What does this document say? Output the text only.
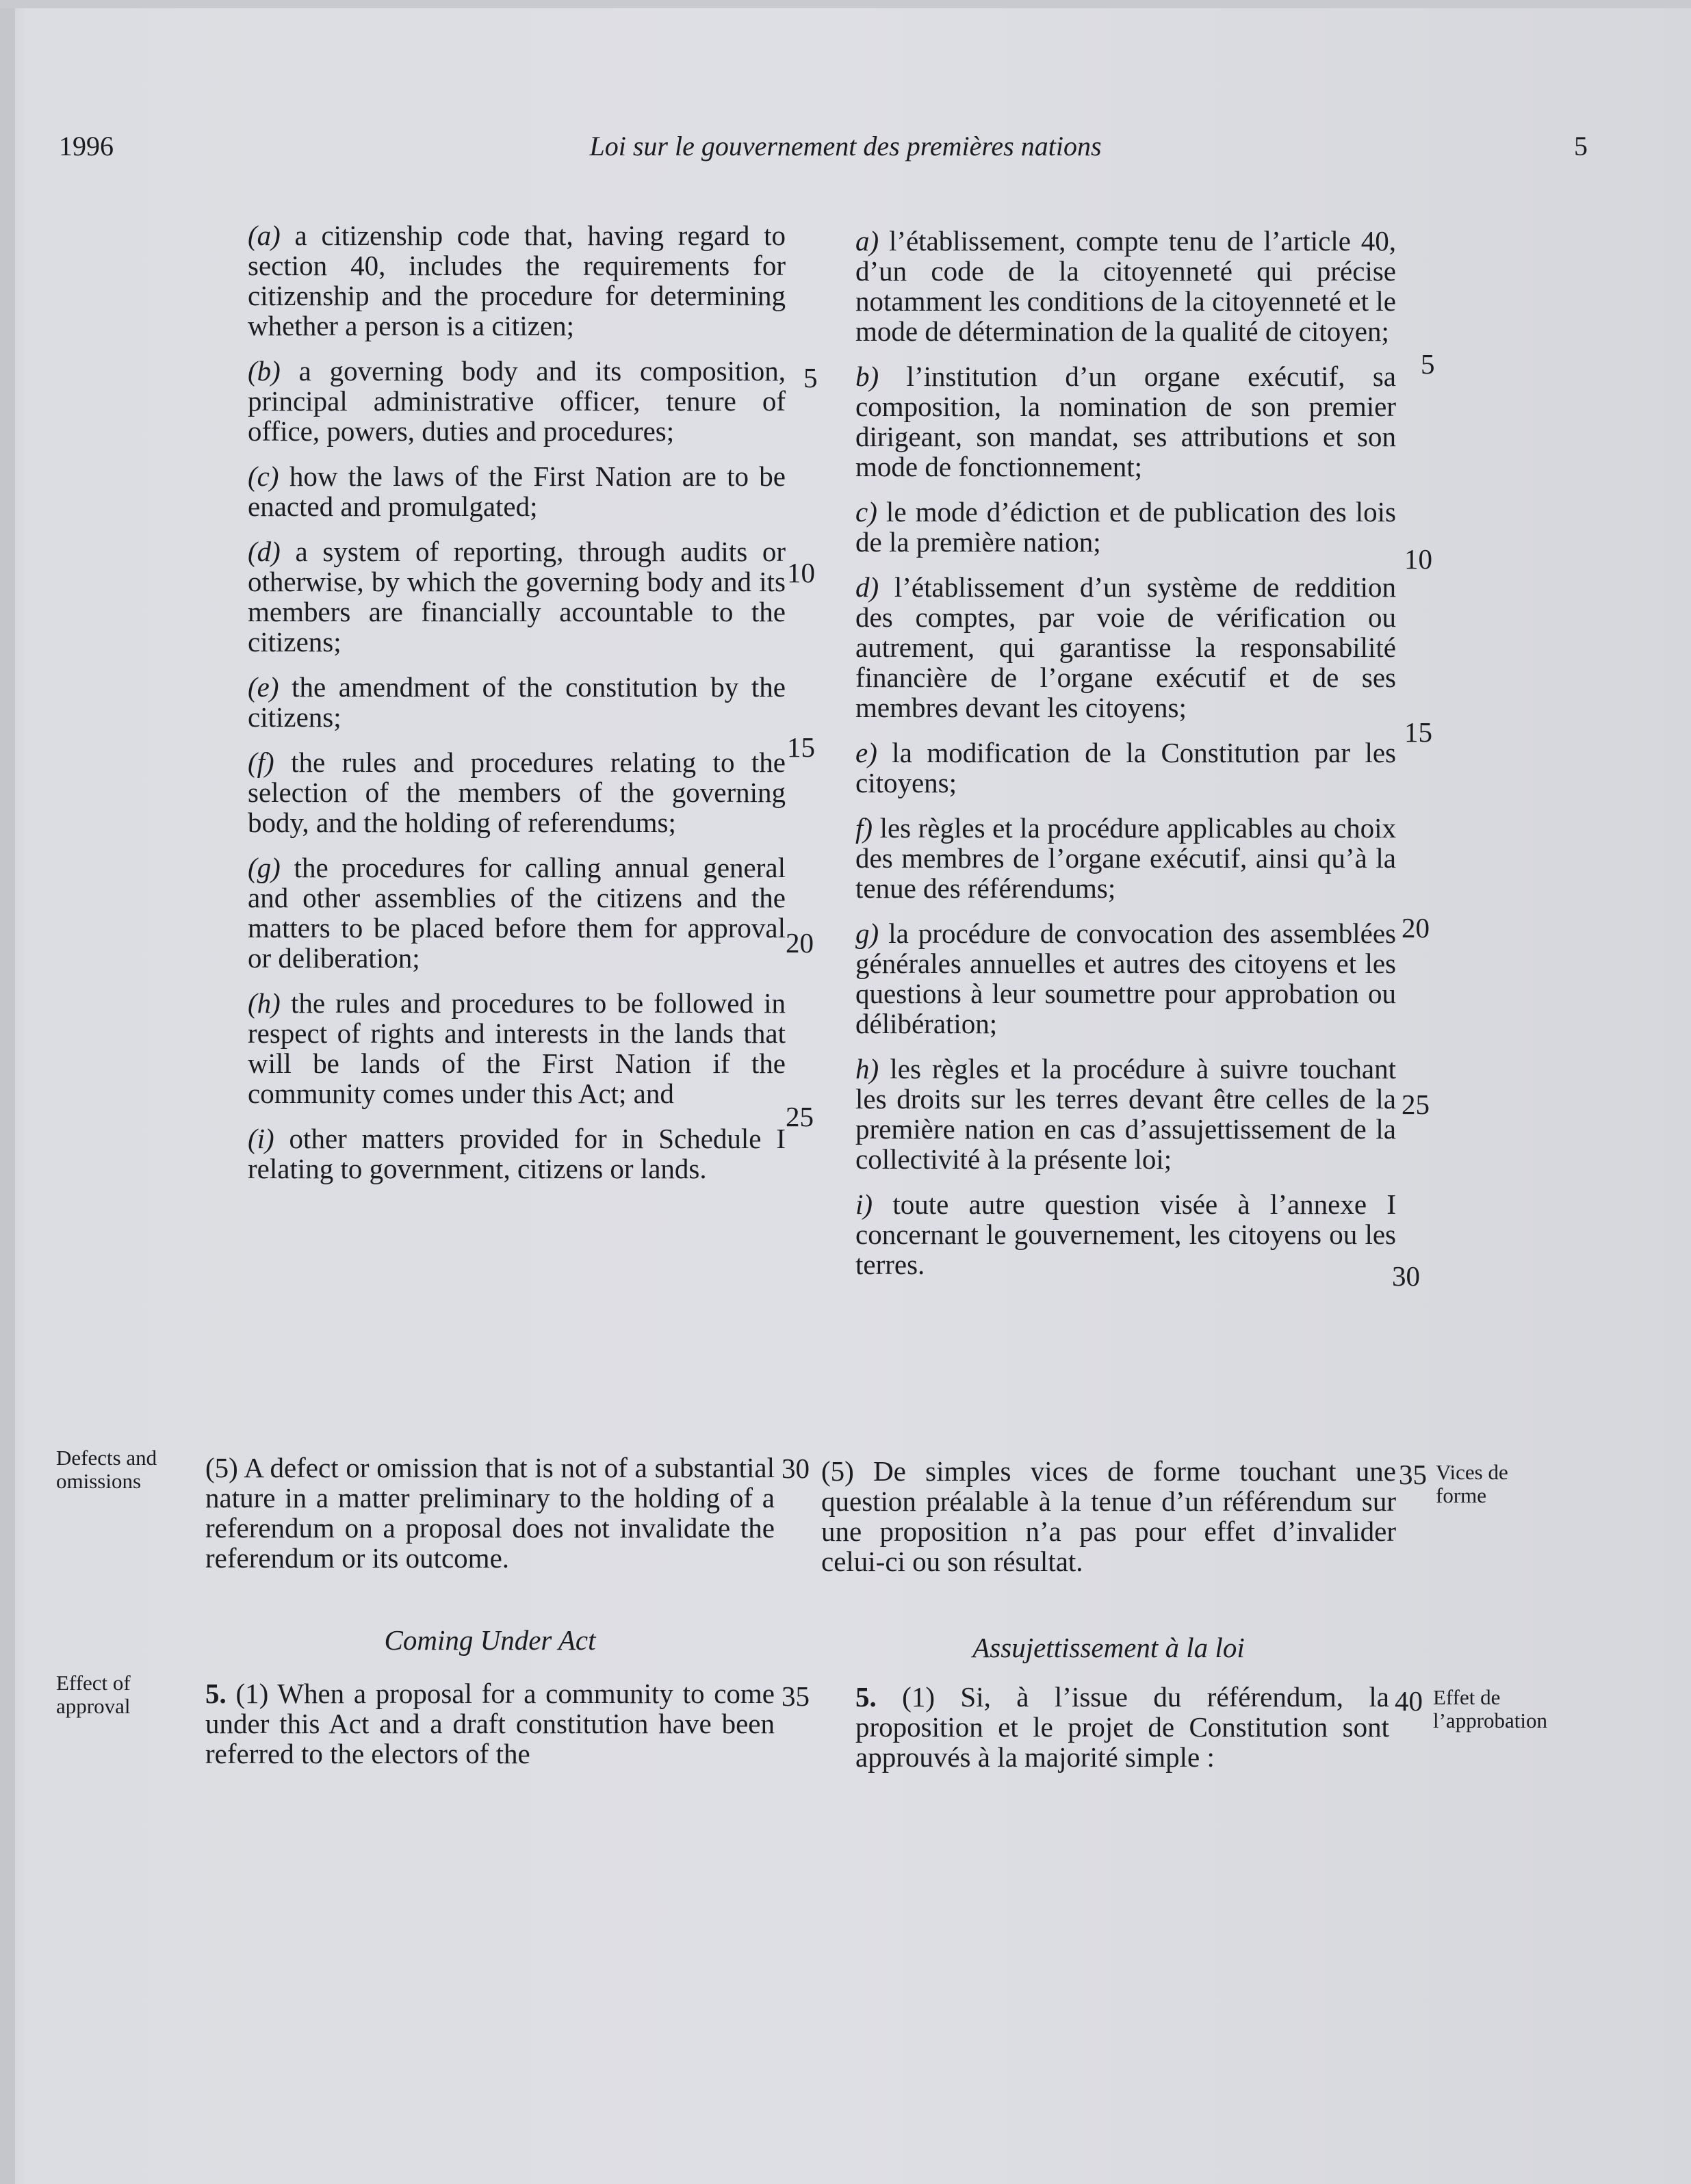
1996	Loi sur le gouvernement des premières nations	5

(a) a citizenship code that, having regard to section 40, includes the requirements for citizenship and the procedure for determining whether a person is a citizen;

(b) a governing body and its composition, principal administrative officer, tenure of office, powers, duties and procedures;

(c) how the laws of the First Nation are to be enacted and promulgated;

(d) a system of reporting, through audits or otherwise, by which the governing body and its members are financially accountable to the citizens;

(e) the amendment of the constitution by the citizens;

(f) the rules and procedures relating to the selection of the members of the governing body, and the holding of referendums;

(g) the procedures for calling annual general and other assemblies of the citizens and the matters to be placed before them for approval or deliberation;

(h) the rules and procedures to be followed in respect of rights and interests in the lands that will be lands of the First Nation if the community comes under this Act; and

(i) other matters provided for in Schedule I relating to government, citizens or lands.

a) l’établissement, compte tenu de l’article 40, d’un code de la citoyenneté qui précise notamment les conditions de la citoyenneté et le mode de détermination de la qualité de citoyen;

b) l’institution d’un organe exécutif, sa composition, la nomination de son premier dirigeant, son mandat, ses attributions et son mode de fonctionnement;

c) le mode d’édiction et de publication des lois de la première nation;

d) l’établissement d’un système de reddition des comptes, par voie de vérification ou autrement, qui garantisse la responsabilité financière de l’organe exécutif et de ses membres devant les citoyens;

e) la modification de la Constitution par les citoyens;

f) les règles et la procédure applicables au choix des membres de l’organe exécutif, ainsi qu’à la tenue des référendums;

g) la procédure de convocation des assemblées générales annuelles et autres des citoyens et les questions à leur soumettre pour approbation ou délibération;

h) les règles et la procédure à suivre touchant les droits sur les terres devant être celles de la première nation en cas d’assujettissement de la collectivité à la présente loi;

i) toute autre question visée à l’annexe I concernant le gouvernement, les citoyens ou les terres.

Defects and omissions	(5) A defect or omission that is not of a substantial nature in a matter preliminary to the holding of a referendum on a proposal does not invalidate the referendum or its outcome.

Vices de forme

(5) De simples vices de forme touchant une question préalable à la tenue d’un référendum sur une proposition n’a pas pour effet d’invalider celui-ci ou son résultat.

Coming Under Act	Assujettissement à la loi
Effect of approval	5. (1) When a proposal for a community to come under this Act and a draft constitution have been referred to the electors of the

Effet de l’approbation

5. (1) Si, à l’issue du référendum, la proposition et le projet de Constitution sont approuvés à la majorité simple :

5
10
15
20
25
30
35
5
10
15
20
25
30
35
40
